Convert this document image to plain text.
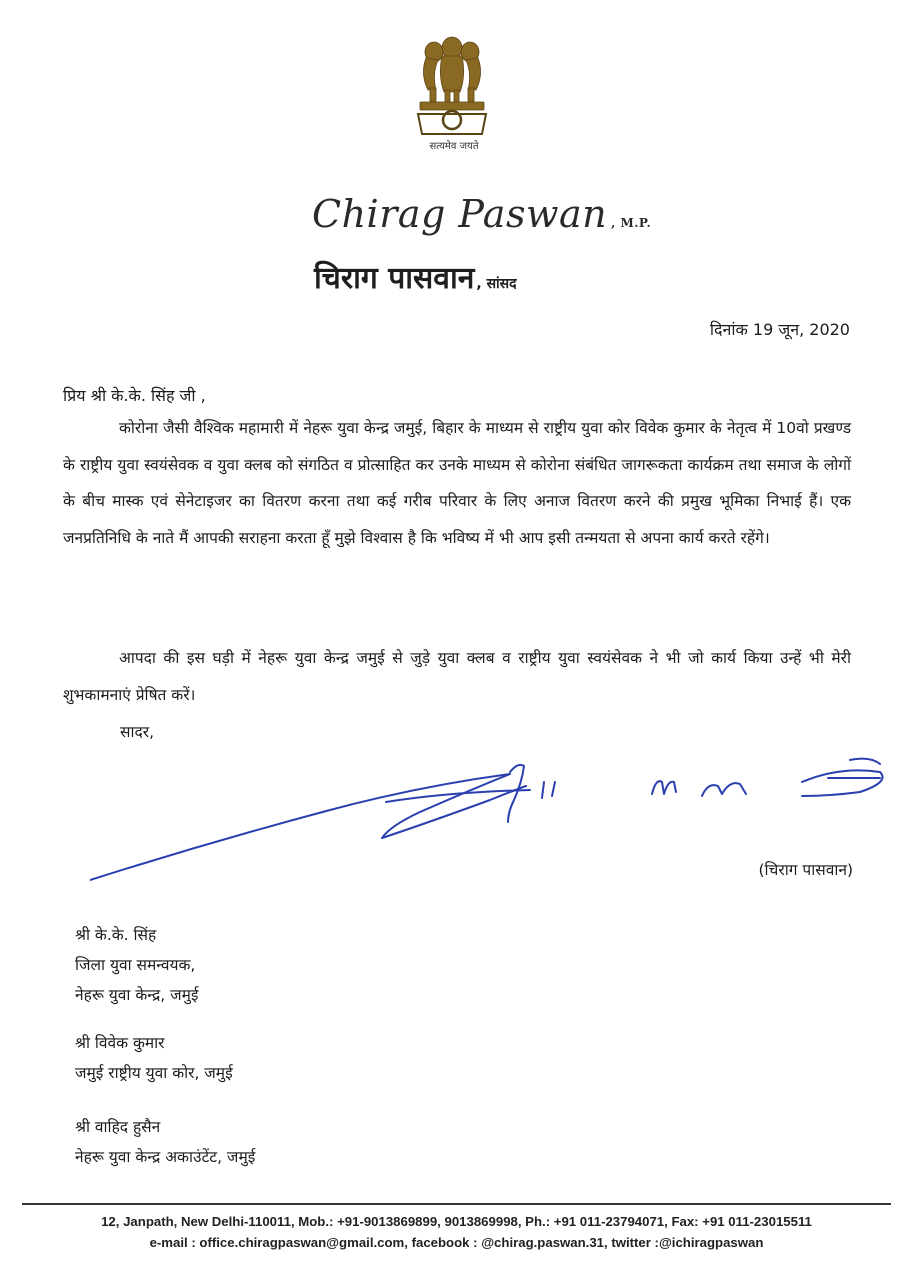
सत्यमेव जयते
Chirag Paswan , M.P.
चिराग पासवान , सांसद
दिनांक 19 जून, 2020
प्रिय श्री के.के. सिंह जी ,

कोरोना जैसी वैश्विक महामारी में नेहरू युवा केन्द्र जमुई, बिहार के माध्यम से राष्ट्रीय युवा कोर विवेक कुमार के नेतृत्व में 10वो प्रखण्ड के राष्ट्रीय युवा स्वयंसेवक व युवा क्लब को संगठित व प्रोत्साहित कर उनके माध्यम से कोरोना संबंधित जागरूकता कार्यक्रम तथा समाज के लोगों के बीच मास्क एवं सेनेटाइजर का वितरण करना तथा कई गरीब परिवार के लिए अनाज वितरण करने की प्रमुख भूमिका निभाई हैं। एक जनप्रतिनिधि के नाते मैं आपकी सराहना करता हूँ मुझे विश्वास है कि भविष्य में भी आप इसी तन्मयता से अपना कार्य करते रहेंगे।

आपदा की इस घड़ी में नेहरू युवा केन्द्र जमुई से जुड़े युवा क्लब व राष्ट्रीय युवा स्वयंसेवक ने भी जो कार्य किया उन्हें भी मेरी शुभकामनाएं प्रेषित करें।

सादर,
(चिराग पासवान)
श्री के.के. सिंह
जिला युवा समन्वयक,
नेहरू युवा केन्द्र, जमुई
श्री विवेक कुमार
जमुई राष्ट्रीय युवा कोर, जमुई
श्री वाहिद हुसैन
नेहरू युवा केन्द्र अकाउंटेंट, जमुई
12, Janpath, New Delhi-110011, Mob.: +91-9013869899, 9013869998, Ph.: +91 011-23794071, Fax: +91 011-23015511
e-mail : office.chiragpaswan@gmail.com, facebook : @chirag.paswan.31, twitter :@ichiragpaswan
